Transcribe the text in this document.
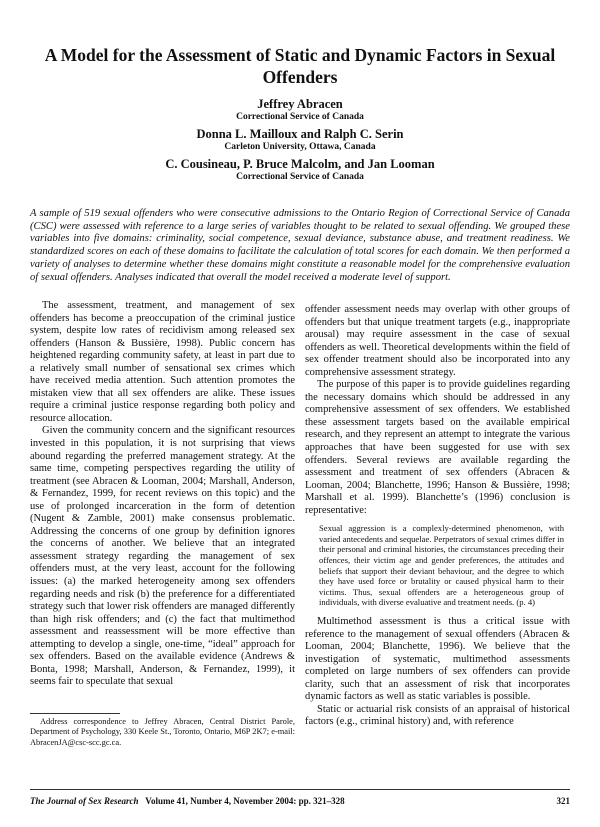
A Model for the Assessment of Static and Dynamic Factors in Sexual Offenders
Jeffrey Abracen
Correctional Service of Canada
Donna L. Mailloux and Ralph C. Serin
Carleton University, Ottawa, Canada
C. Cousineau, P. Bruce Malcolm, and Jan Looman
Correctional Service of Canada
A sample of 519 sexual offenders who were consecutive admissions to the Ontario Region of Correctional Service of Canada (CSC) were assessed with reference to a large series of variables thought to be related to sexual offending. We grouped these variables into five domains: criminality, social competence, sexual deviance, substance abuse, and treatment readiness. We standardized scores on each of these domains to facilitate the calculation of total scores for each domain. We then performed a variety of analyses to determine whether these domains might constitute a reasonable model for the comprehensive evaluation of sexual offenders. Analyses indicated that overall the model received a moderate level of support.

The assessment, treatment, and management of sex offenders has become a preoccupation of the criminal justice system, despite low rates of recidivism among released sex offenders (Hanson & Bussière, 1998). Public concern has heightened regarding community safety, at least in part due to a relatively small number of sensational sex crimes which have received media attention. Such attention promotes the mistaken view that all sex offenders are alike. These issues require a criminal justice response regarding both policy and resource allocation.

Given the community concern and the significant resources invested in this population, it is not surprising that views abound regarding the preferred management strategy. At the same time, competing perspectives regarding the utility of treatment (see Abracen & Looman, 2004; Marshall, Anderson, & Fernandez, 1999, for recent reviews on this topic) and the use of prolonged incarceration in the form of detention (Nugent & Zamble, 2001) make consensus problematic. Addressing the concerns of one group by definition ignores the concerns of another. We believe that an integrated assessment strategy regarding the management of sex offenders must, at the very least, account for the following issues: (a) the marked heterogeneity among sex offenders regarding needs and risk (b) the preference for a differentiated strategy such that lower risk offenders are managed differently than high risk offenders; and (c) the fact that multimethod assessment and reassessment will be more effective than attempting to develop a single, one-time, “ideal” approach for sex offenders. Based on the available evidence (Andrews & Bonta, 1998; Marshall, Anderson, & Fernandez, 1999), it seems fair to speculate that sexual

offender assessment needs may overlap with other groups of offenders but that unique treatment targets (e.g., inappropriate arousal) may require assessment in the case of sexual offenders as well. Theoretical developments within the field of sex offender treatment should also be incorporated into any comprehensive assessment strategy.

The purpose of this paper is to provide guidelines regarding the necessary domains which should be addressed in any comprehensive assessment of sex offenders. We established these assessment targets based on the available empirical research, and they represent an attempt to integrate the various approaches that have been suggested for use with sex offenders. Several reviews are available regarding the assessment and treatment of sex offenders (Abracen & Looman, 2004; Blanchette, 1996; Hanson & Bussière, 1998; Marshall et al. 1999). Blanchette’s (1996) conclusion is representative:

Sexual aggression is a complexly-determined phenomenon, with varied antecedents and sequelae. Perpetrators of sexual crimes differ in their personal and criminal histories, the circumstances preceding their offences, their victim age and gender preferences, the attitudes and beliefs that support their deviant behaviour, and the degree to which they have used force or brutality or caused physical harm to their victims. Thus, sexual offenders are a heterogeneous group of individuals, with diverse evaluative and treatment needs. (p. 4)

Multimethod assessment is thus a critical issue with reference to the management of sexual offenders (Abracen & Looman, 2004; Blanchette, 1996). We believe that the investigation of systematic, multimethod assessments completed on large numbers of sex offenders can provide clarity, such that an assessment of risk that incorporates dynamic factors as well as static variables is possible.

Static or actuarial risk consists of an appraisal of historical factors (e.g., criminal history) and, with reference

Address correspondence to Jeffrey Abracen, Central District Parole, Department of Psychology, 330 Keele St., Toronto, Ontario, M6P 2K7; e-mail: AbracenJA@csc-scc.gc.ca.
The Journal of Sex Research Volume 41, Number 4, November 2004: pp. 321–328	321
